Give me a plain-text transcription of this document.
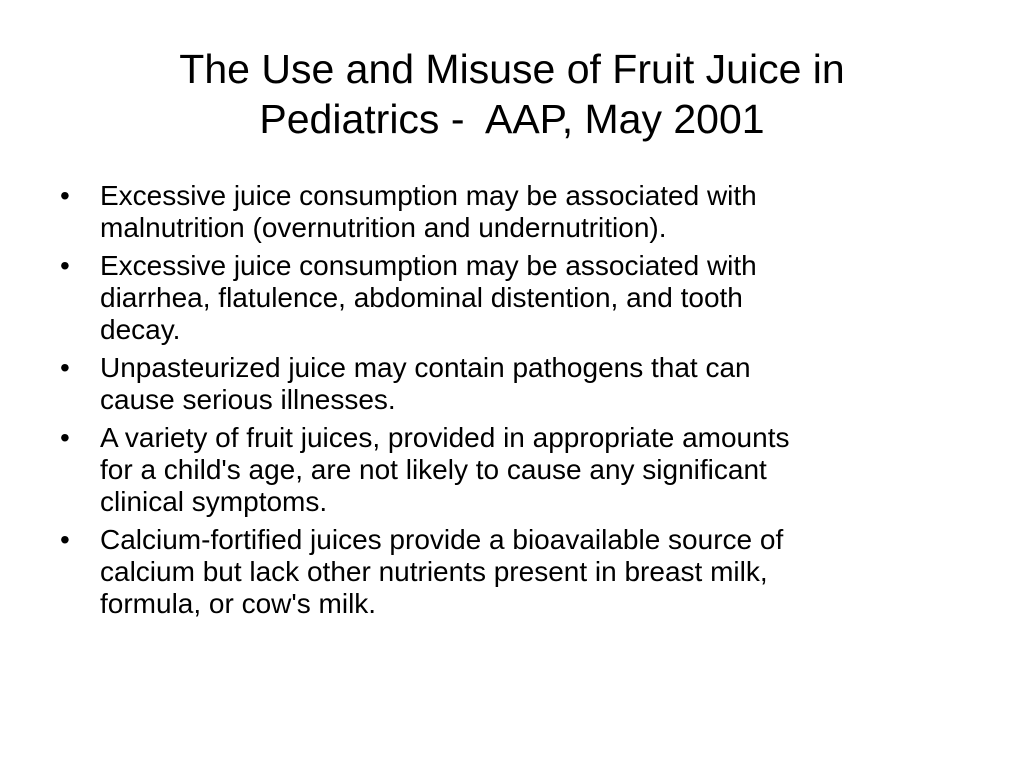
The Use and Misuse of Fruit Juice in
Pediatrics -  AAP, May 2001
• Excessive juice consumption may be associated with
malnutrition (overnutrition and undernutrition).
• Excessive juice consumption may be associated with
diarrhea, flatulence, abdominal distention, and tooth
decay.
• Unpasteurized juice may contain pathogens that can
cause serious illnesses.
• A variety of fruit juices, provided in appropriate amounts
for a child's age, are not likely to cause any significant
clinical symptoms.
• Calcium-fortified juices provide a bioavailable source of
calcium but lack other nutrients present in breast milk,
formula, or cow's milk.
